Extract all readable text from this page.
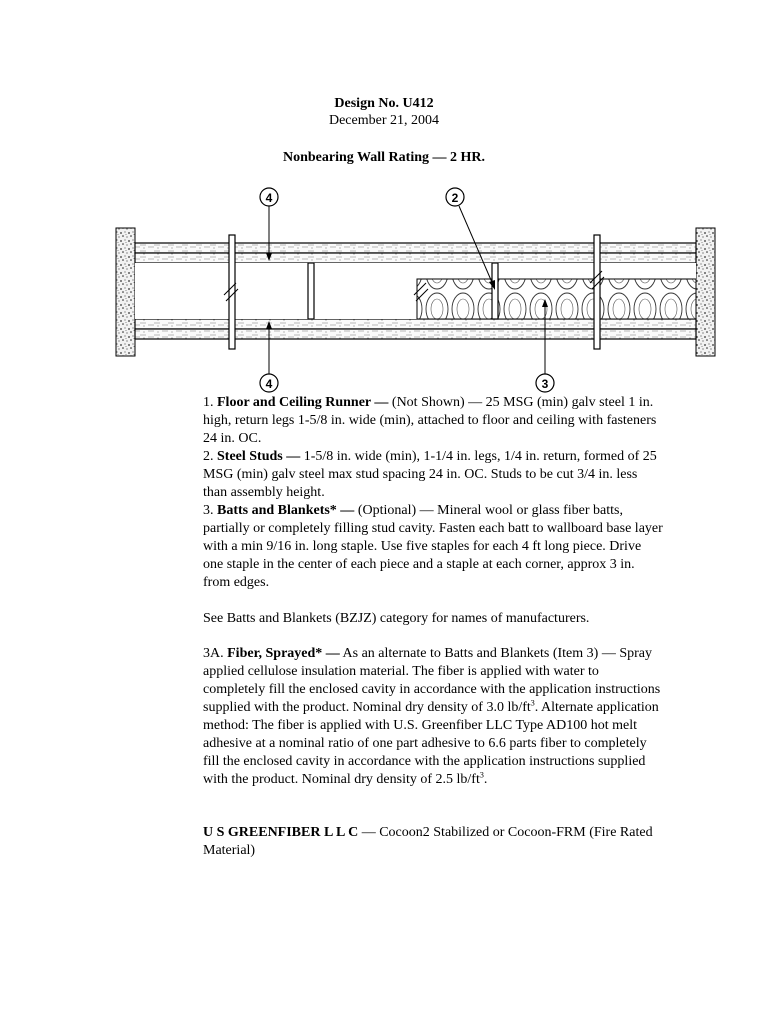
Design No. U412
December 21, 2004
Nonbearing Wall Rating — 2 HR.
4	2
4	3

1. Floor and Ceiling Runner — (Not Shown) — 25 MSG (min) galv steel 1 in. high, return legs 1-5/8 in. wide (min), attached to floor and ceiling with fasteners 24 in. OC.

2. Steel Studs — 1-5/8 in. wide (min), 1-1/4 in. legs, 1/4 in. return, formed of 25 MSG (min) galv steel max stud spacing 24 in. OC. Studs to be cut 3/4 in. less than assembly height.

3. Batts and Blankets* — (Optional) — Mineral wool or glass fiber batts, partially or completely filling stud cavity. Fasten each batt to wallboard base layer with a min 9/16 in. long staple. Use five staples for each 4 ft long piece. Drive one staple in the center of each piece and a staple at each corner, approx 3 in. from edges.

See Batts and Blankets (BZJZ) category for names of manufacturers.

3A. Fiber, Sprayed* — As an alternate to Batts and Blankets (Item 3) — Spray applied cellulose insulation material. The fiber is applied with water to completely fill the enclosed cavity in accordance with the application instructions supplied with the product. Nominal dry density of 3.0 $lb/ft^3$. Alternate application method: The fiber is applied with U.S. Greenfiber LLC Type AD100 hot melt adhesive at a nominal ratio of one part adhesive to 6.6 parts fiber to completely fill the enclosed cavity in accordance with the application instructions supplied with the product. Nominal dry density of 2.5 $lb/ft^3$.

U S GREENFIBER L L C — Cocoon2 Stabilized or Cocoon-FRM (Fire Rated Material)
